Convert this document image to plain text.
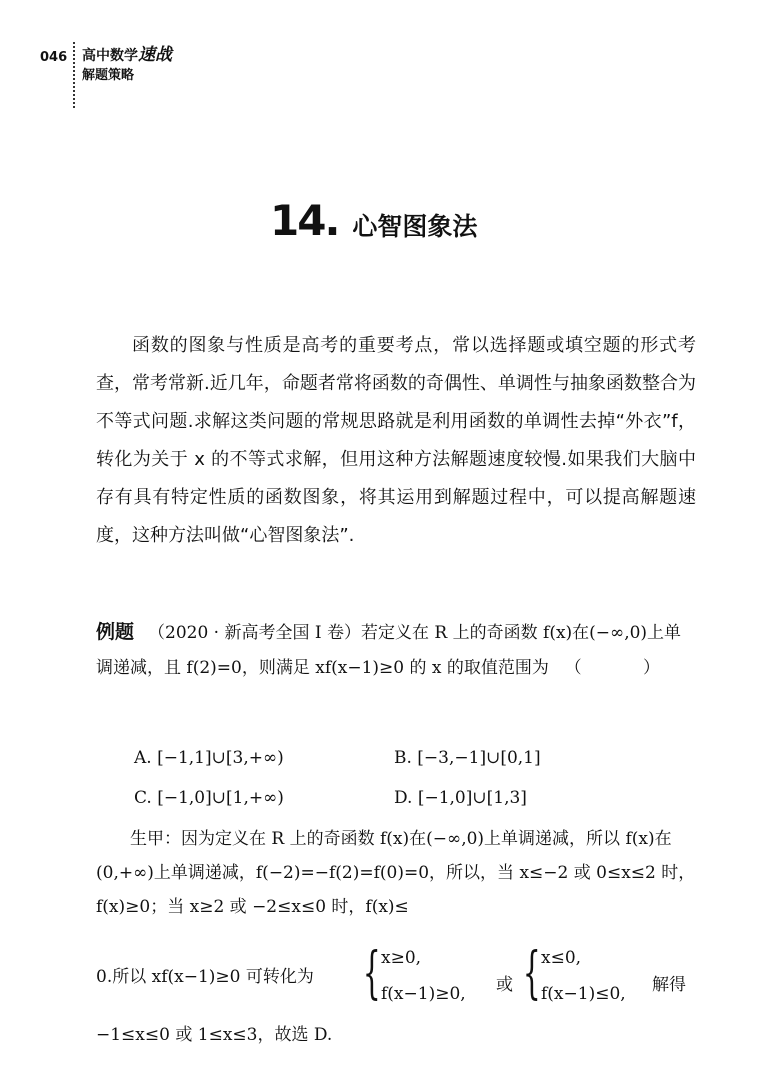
046 高中数学速战
解题策略
14. 心智图象法

函数的图象与性质是高考的重要考点，常以选择题或填空题的形式考查，常考常新.近几年，命题者常将函数的奇偶性、单调性与抽象函数整合为不等式问题.求解这类问题的常规思路就是利用函数的单调性去掉“外衣”f，转化为关于 x 的不等式求解，但用这种方法解题速度较慢.如果我们大脑中存有具有特定性质的函数图象，将其运用到解题过程中，可以提高解题速度，这种方法叫做“心智图象法”.

例题 （2020 · 新高考全国 Ⅰ 卷）若定义在 R 上的奇函数 f(x)在(−∞,0)上单调递减，且 f(2)=0，则满足 xf(x−1)≥0 的 x 的取值范围为 （ ）

A. [−1,1]∪[3,+∞)	B. [−3,−1]∪[0,1]
C. [−1,0]∪[1,+∞)	D. [−1,0]∪[1,3]

生甲：因为定义在 R 上的奇函数 f(x)在(−∞,0)上单调递减，所以 f(x)在(0,+∞)上单调递减，f(−2)=−f(2)=f(0)=0，所以，当 x≤−2 或 0≤x≤2 时，f(x)≥0；当 x≥2 或 −2≤x≤0 时，f(x)≤

0.所以 xf(x−1)≥0 可转化为 { x≥0,
f(x−1)≥0, 或 { x≤0,
f(x−1)≤0, 解得
−1≤x≤0 或 1≤x≤3，故选 D.
